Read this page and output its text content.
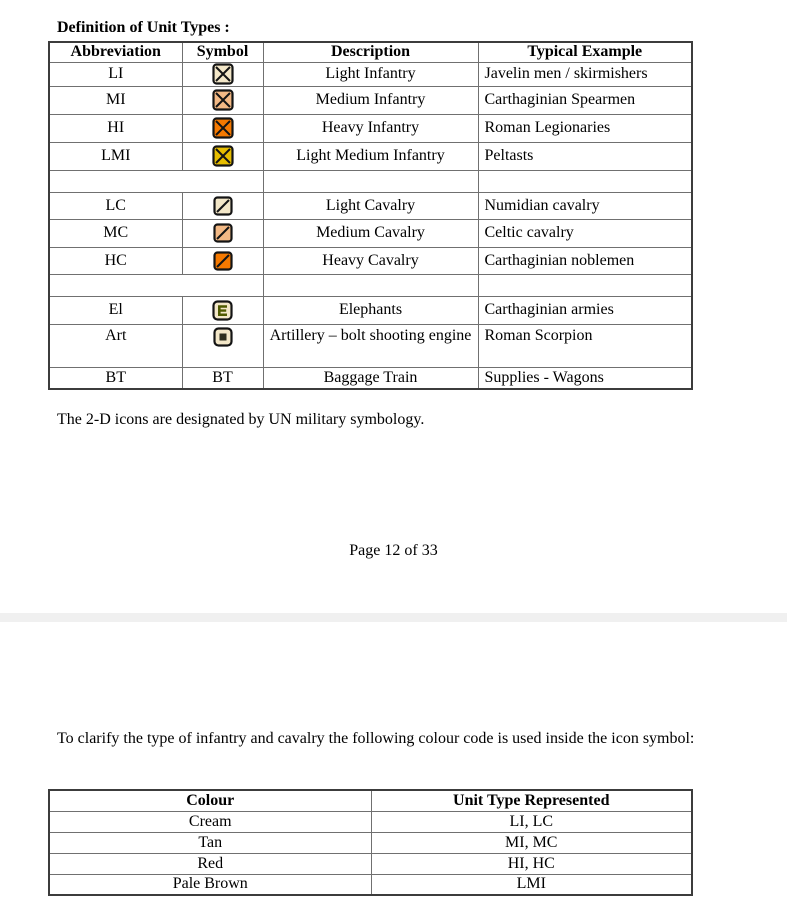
Definition of Unit Types :
Abbreviation	Symbol	Description	Typical Example
LI		Light Infantry	Javelin men / skirmishers
MI		Medium Infantry	Carthaginian Spearmen
HI		Heavy Infantry	Roman Legionaries
LMI		Light Medium Infantry	Peltasts

LC		Light Cavalry	Numidian cavalry
MC		Medium Cavalry	Celtic cavalry
HC		Heavy Cavalry	Carthaginian noblemen

El		Elephants	Carthaginian armies
Art		Artillery – bolt shooting engine	Roman Scorpion
BT	BT	Baggage Train	Supplies - Wagons
The 2-D icons are designated by UN military symbology.
Page 12 of 33
To clarify the type of infantry and cavalry the following colour code is used inside the icon symbol:
Colour	Unit Type Represented
Cream	LI, LC
Tan	MI, MC
Red	HI, HC
Pale Brown	LMI
